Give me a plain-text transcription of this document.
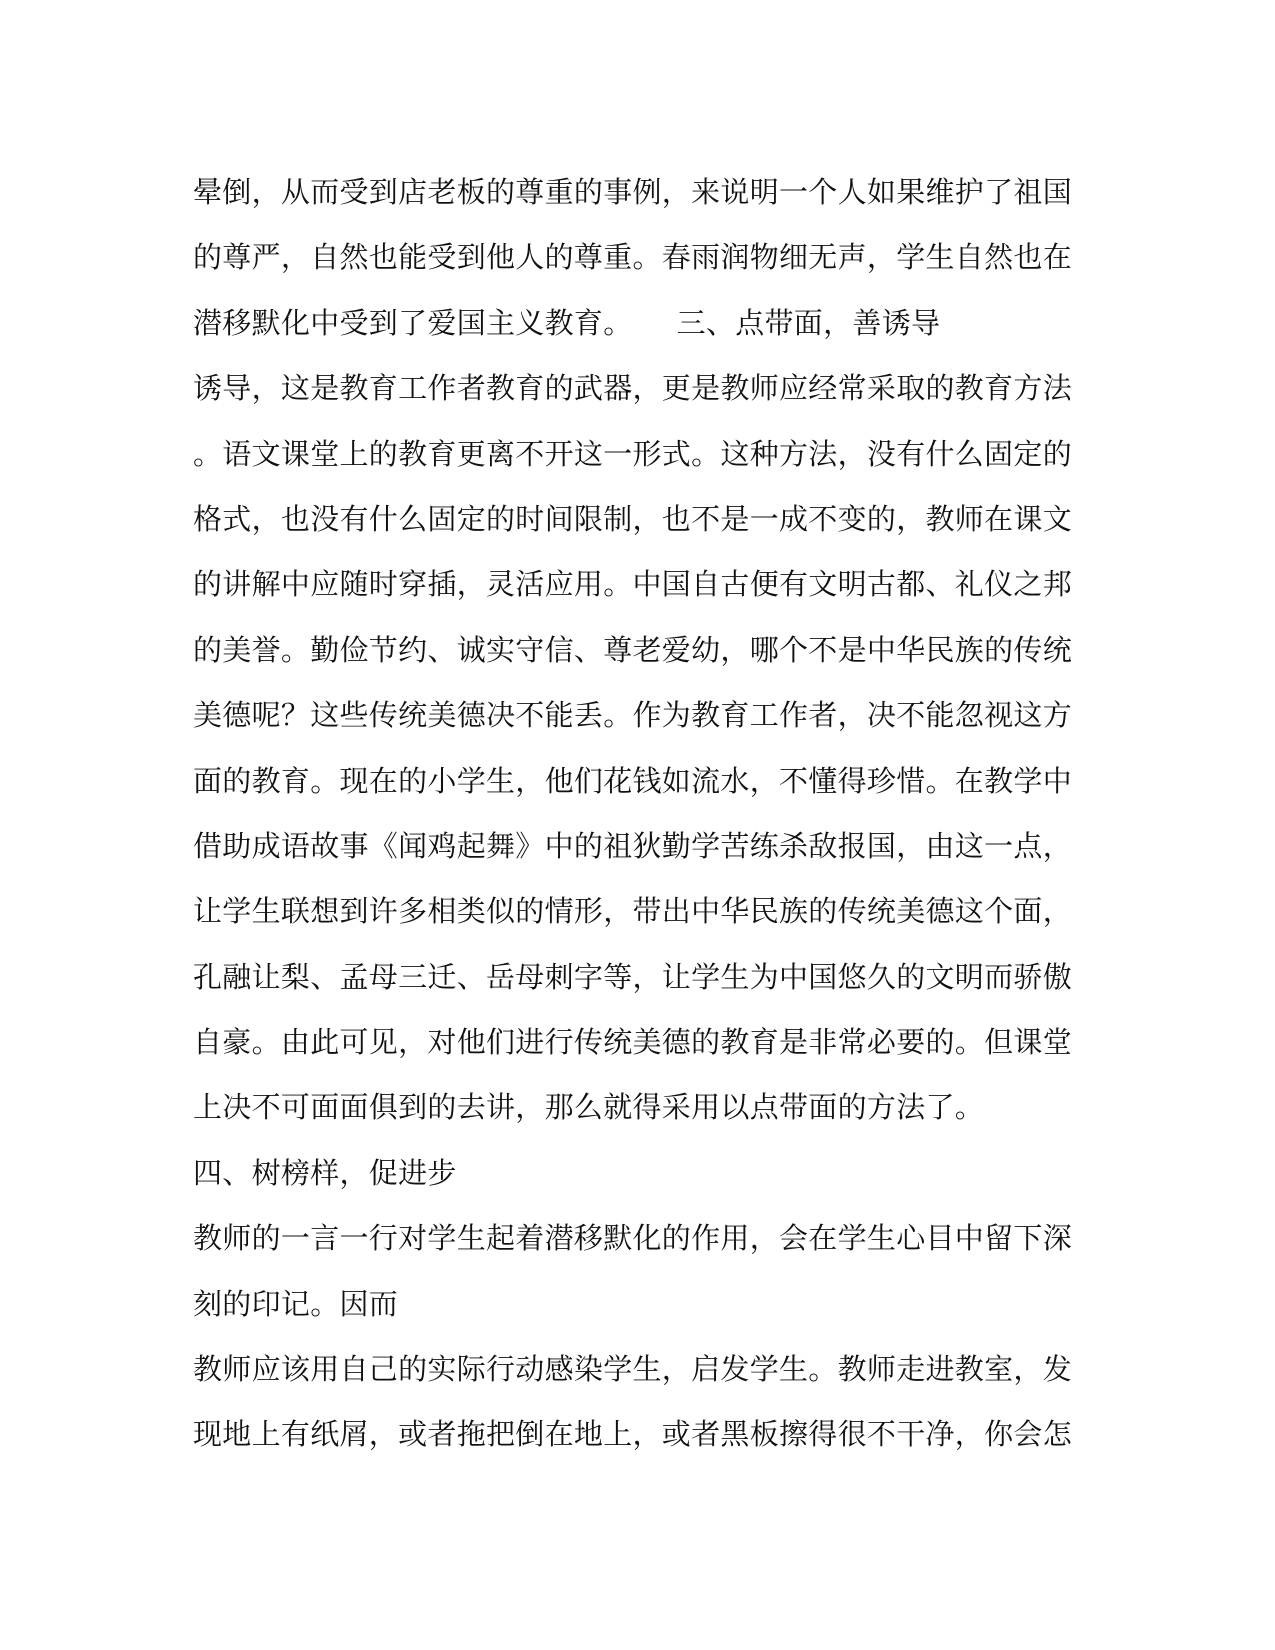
晕倒，从而受到店老板的尊重的事例，来说明一个人如果维护了祖国
的尊严，自然也能受到他人的尊重。春雨润物细无声，学生自然也在
潜移默化中受到了爱国主义教育。　　三、点带面，善诱导
诱导，这是教育工作者教育的武器，更是教师应经常采取的教育方法
。语文课堂上的教育更离不开这一形式。这种方法，没有什么固定的
格式，也没有什么固定的时间限制，也不是一成不变的，教师在课文
的讲解中应随时穿插，灵活应用。中国自古便有文明古都、礼仪之邦
的美誉。勤俭节约、诚实守信、尊老爱幼，哪个不是中华民族的传统
美德呢？这些传统美德决不能丢。作为教育工作者，决不能忽视这方
面的教育。现在的小学生，他们花钱如流水，不懂得珍惜。在教学中
借助成语故事《闻鸡起舞》中的祖狄勤学苦练杀敌报国，由这一点，
让学生联想到许多相类似的情形，带出中华民族的传统美德这个面，
孔融让梨、孟母三迁、岳母刺字等，让学生为中国悠久的文明而骄傲
自豪。由此可见，对他们进行传统美德的教育是非常必要的。但课堂
上决不可面面俱到的去讲，那么就得采用以点带面的方法了。
四、树榜样，促进步
教师的一言一行对学生起着潜移默化的作用，会在学生心目中留下深
刻的印记。因而
教师应该用自己的实际行动感染学生，启发学生。教师走进教室，发
现地上有纸屑，或者拖把倒在地上，或者黑板擦得很不干净，你会怎
